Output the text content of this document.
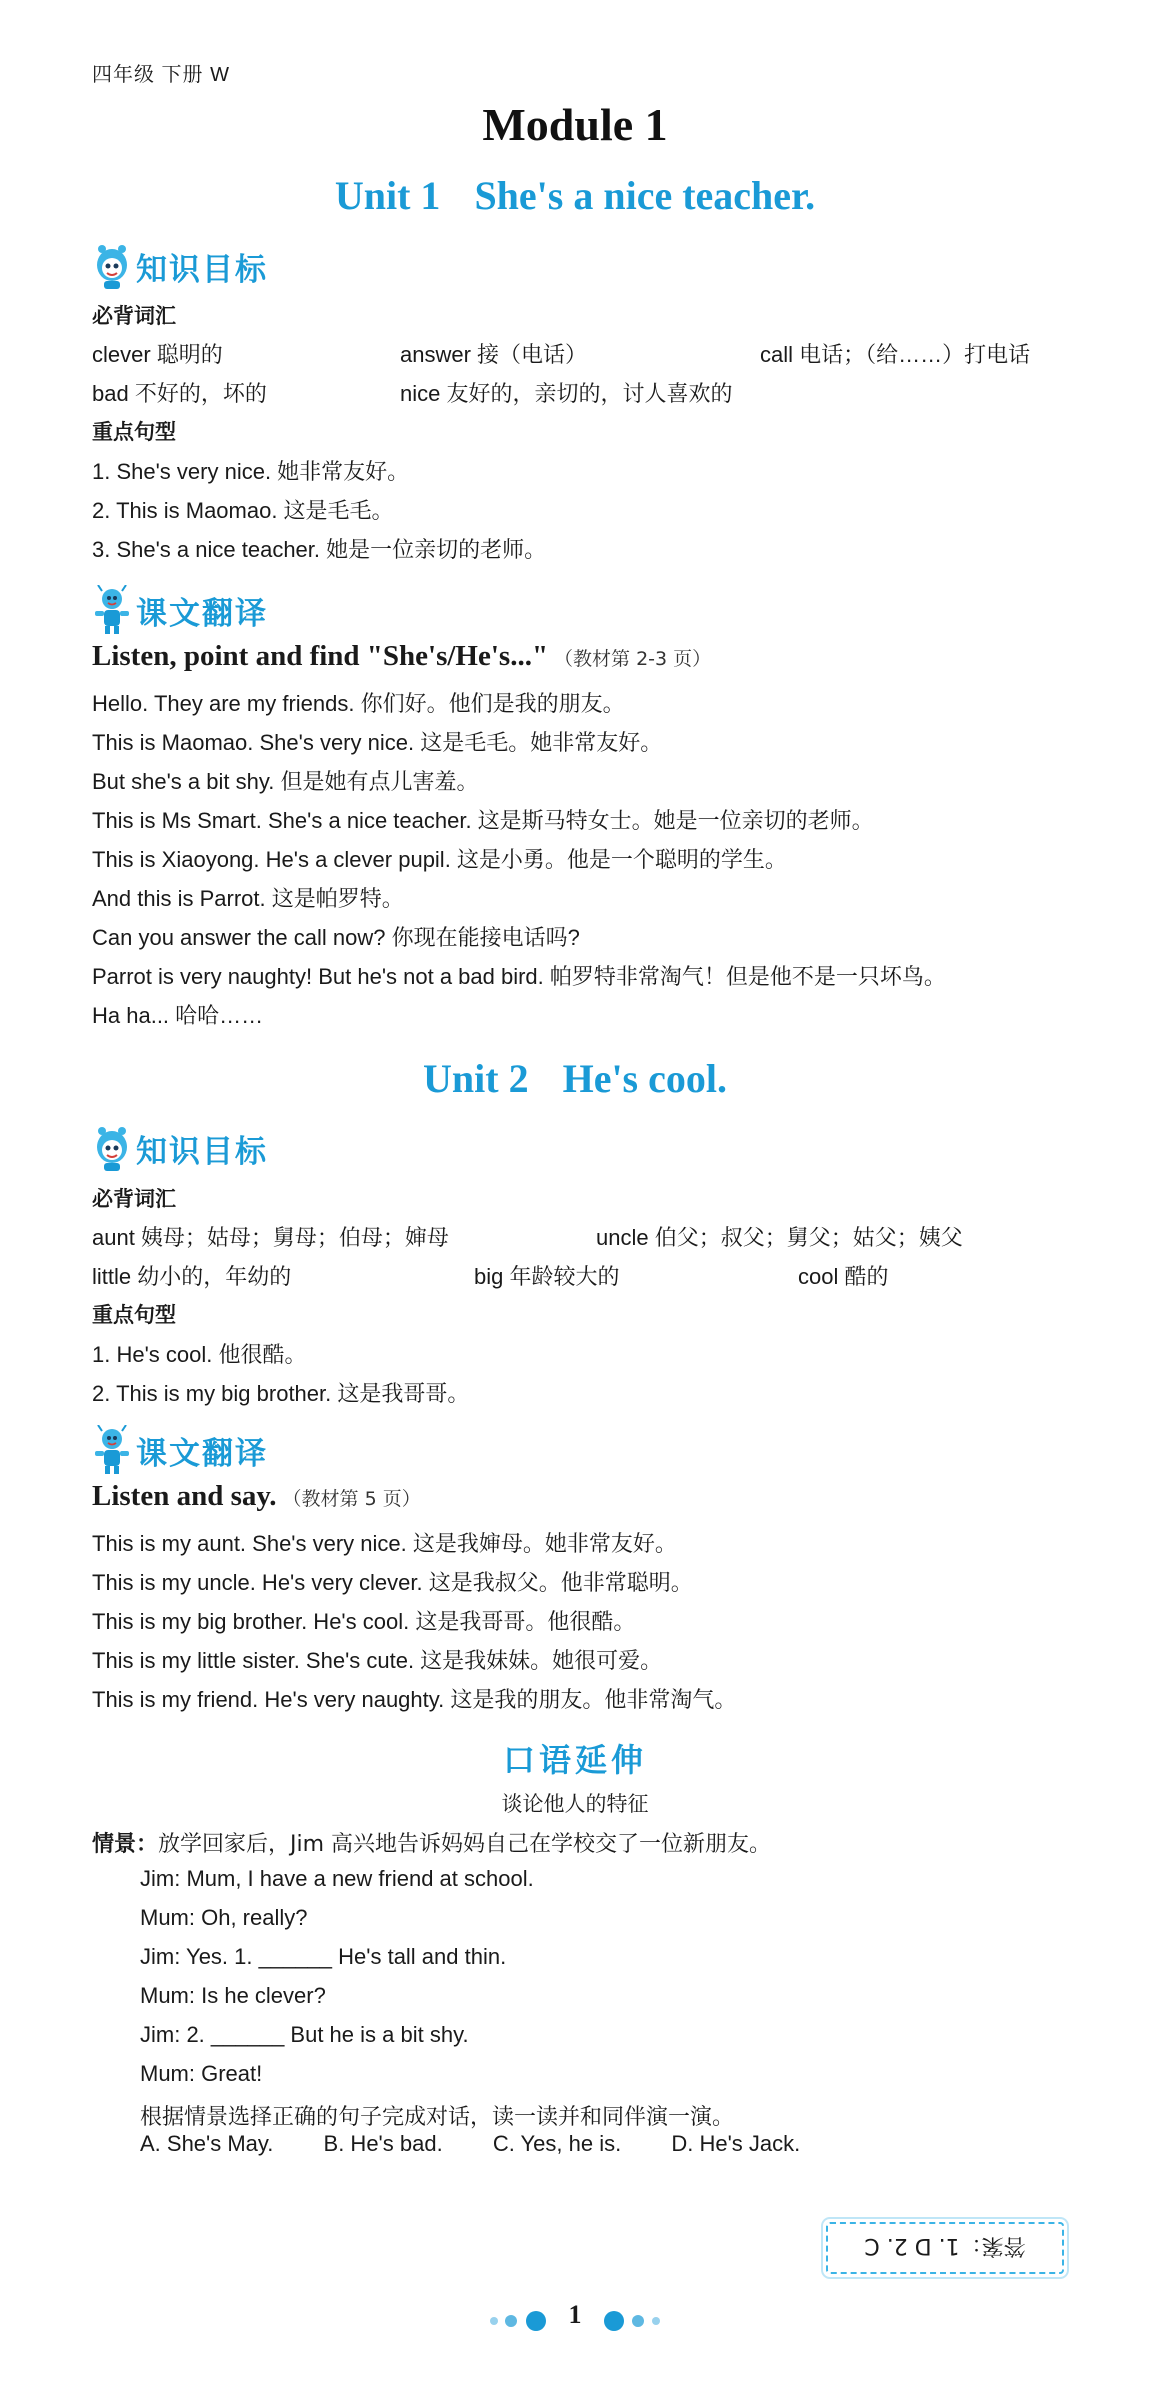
四年级 下册 W
Module 1
Unit 1 She's a nice teacher.
知识目标
必背词汇
clever 聪明的	answer 接（电话）	call 电话；（给……）打电话
bad 不好的，坏的	nice 友好的，亲切的，讨人喜欢的
重点句型
1. She's very nice. 她非常友好。
2. This is Maomao. 这是毛毛。
3. She's a nice teacher. 她是一位亲切的老师。
课文翻译
Listen, point and find "She's/He's..." （教材第 2-3 页）
Hello. They are my friends. 你们好。他们是我的朋友。
This is Maomao. She's very nice. 这是毛毛。她非常友好。
But she's a bit shy. 但是她有点儿害羞。
This is Ms Smart. She's a nice teacher. 这是斯马特女士。她是一位亲切的老师。
This is Xiaoyong. He's a clever pupil. 这是小勇。他是一个聪明的学生。
And this is Parrot. 这是帕罗特。
Can you answer the call now? 你现在能接电话吗?
Parrot is very naughty! But he's not a bad bird. 帕罗特非常淘气！但是他不是一只坏鸟。
Ha ha... 哈哈……
Unit 2 He's cool.
知识目标
必背词汇
aunt 姨母；姑母；舅母；伯母；婶母	uncle 伯父；叔父；舅父；姑父；姨父
little 幼小的，年幼的	big 年龄较大的	cool 酷的
重点句型
1. He's cool. 他很酷。
2. This is my big brother. 这是我哥哥。
课文翻译
Listen and say. （教材第 5 页）
This is my aunt. She's very nice. 这是我婶母。她非常友好。
This is my uncle. He's very clever. 这是我叔父。他非常聪明。
This is my big brother. He's cool. 这是我哥哥。他很酷。
This is my little sister. She's cute. 这是我妹妹。她很可爱。
This is my friend. He's very naughty. 这是我的朋友。他非常淘气。
口语延伸
谈论他人的特征
情景：放学回家后，Jim 高兴地告诉妈妈自己在学校交了一位新朋友。
Jim: Mum, I have a new friend at school.
Mum: Oh, really?
Jim: Yes. 1. ______ He's tall and thin.
Mum: Is he clever?
Jim: 2. ______ But he is a bit shy.
Mum: Great!
根据情景选择正确的句子完成对话，读一读并和同伴演一演。
A. She's May. B. He's bad. C. Yes, he is. D. He's Jack.
答案：1. D 2. C
1
